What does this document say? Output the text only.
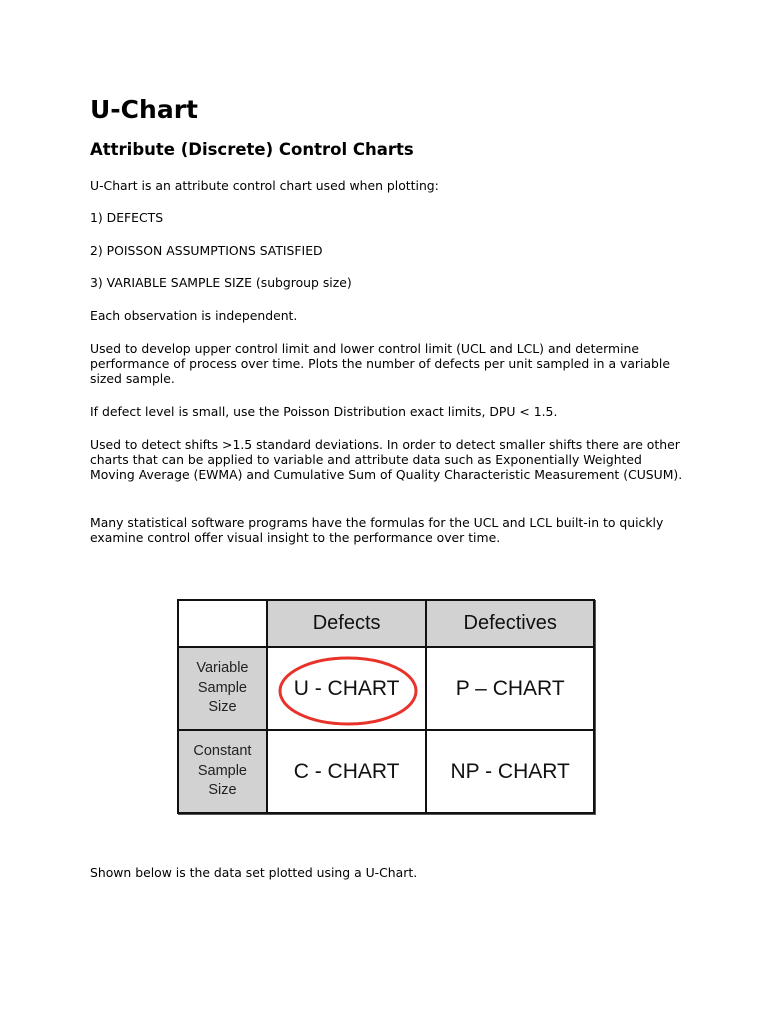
U-Chart
Attribute (Discrete) Control Charts

U-Chart is an attribute control chart used when plotting:

1) DEFECTS

2) POISSON ASSUMPTIONS SATISFIED

3) VARIABLE SAMPLE SIZE (subgroup size)

Each observation is independent.

Used to develop upper control limit and lower control limit (UCL and LCL) and determine performance of process over time. Plots the number of defects per unit sampled in a variable sized sample.

If defect level is small, use the Poisson Distribution exact limits, DPU < 1.5.

Used to detect shifts >1.5 standard deviations. In order to detect smaller shifts there are other charts that can be applied to variable and attribute data such as Exponentially Weighted Moving Average (EWMA) and Cumulative Sum of Quality Characteristic Measurement (CUSUM).

Many statistical software programs have the formulas for the UCL and LCL built-in to quickly examine control offer visual insight to the performance over time.

	Defects	Defectives
Variable
Sample
Size	U - CHART	P – CHART
Constant
Sample
Size	C - CHART	NP - CHART

Shown below is the data set plotted using a U-Chart.
